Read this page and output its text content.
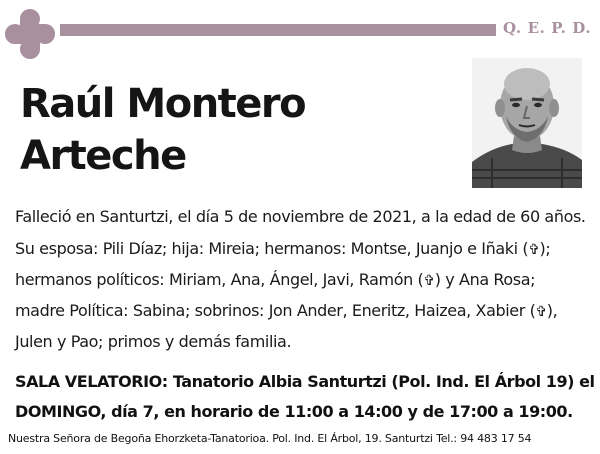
Q. E. P. D.
Raúl Montero
Arteche
Falleció en Santurtzi, el día 5 de noviembre de 2021, a la edad de 60 años.
Su esposa: Pili Díaz; hija: Mireia; hermanos: Montse, Juanjo e Iñaki (✞);
hermanos políticos: Miriam, Ana, Ángel, Javi, Ramón (✞) y Ana Rosa;
madre Política: Sabina; sobrinos: Jon Ander, Eneritz, Haizea, Xabier (✞),
Julen y Pao; primos y demás familia.
SALA VELATORIO: Tanatorio Albia Santurtzi (Pol. Ind. El Árbol 19) el
DOMINGO, día 7, en horario de 11:00 a 14:00 y de 17:00 a 19:00.
Nuestra Señora de Begoña Ehorzketa-Tanatorioa. Pol. Ind. El Árbol, 19. Santurtzi Tel.: 94 483 17 54
